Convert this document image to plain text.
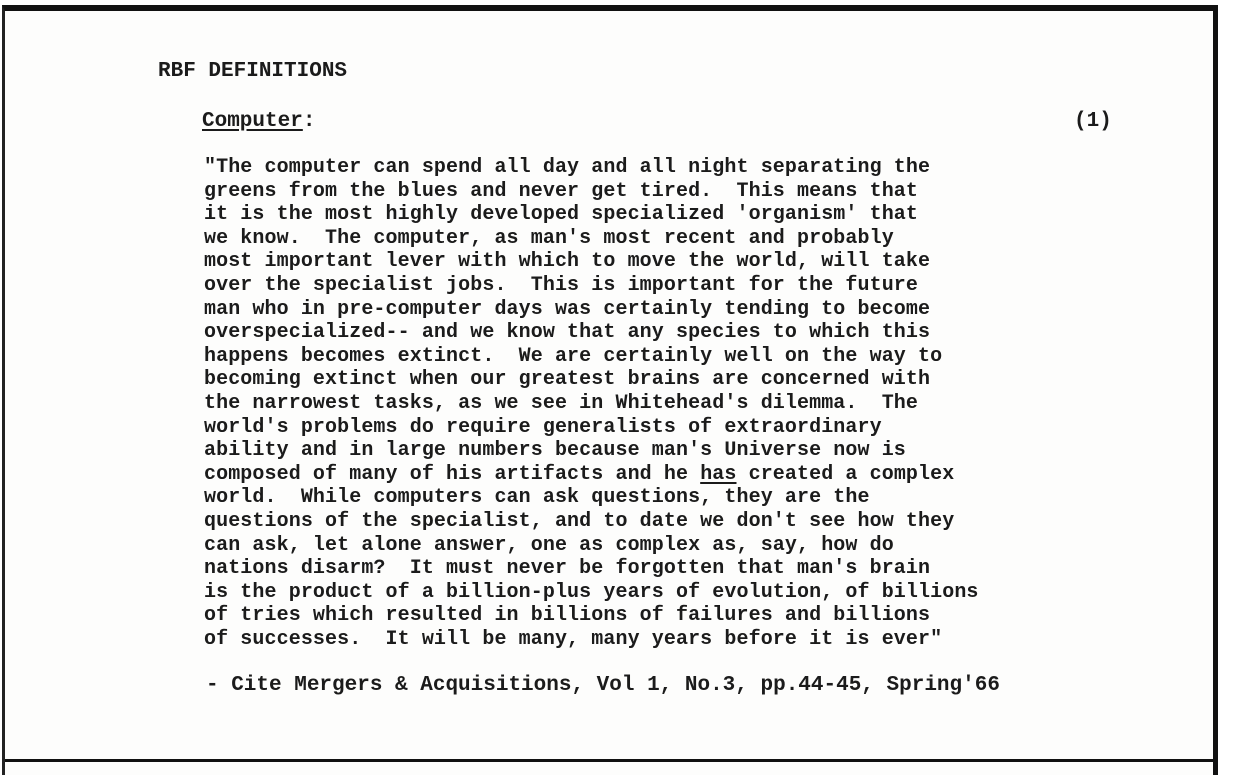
RBF DEFINITIONS
Computer:	(1)
"The computer can spend all day and all night separating the
greens from the blues and never get tired.  This means that
it is the most highly developed specialized 'organism' that
we know.  The computer, as man's most recent and probably
most important lever with which to move the world, will take
over the specialist jobs.  This is important for the future
man who in pre-computer days was certainly tending to become
overspecialized-- and we know that any species to which this
happens becomes extinct.  We are certainly well on the way to
becoming extinct when our greatest brains are concerned with
the narrowest tasks, as we see in Whitehead's dilemma.  The
world's problems do require generalists of extraordinary
ability and in large numbers because man's Universe now is
composed of many of his artifacts and he has created a complex
world.  While computers can ask questions, they are the
questions of the specialist, and to date we don't see how they
can ask, let alone answer, one as complex as, say, how do
nations disarm?  It must never be forgotten that man's brain
is the product of a billion-plus years of evolution, of billions
of tries which resulted in billions of failures and billions
of successes.  It will be many, many years before it is ever"
- Cite Mergers & Acquisitions, Vol 1, No.3, pp.44-45, Spring'66
